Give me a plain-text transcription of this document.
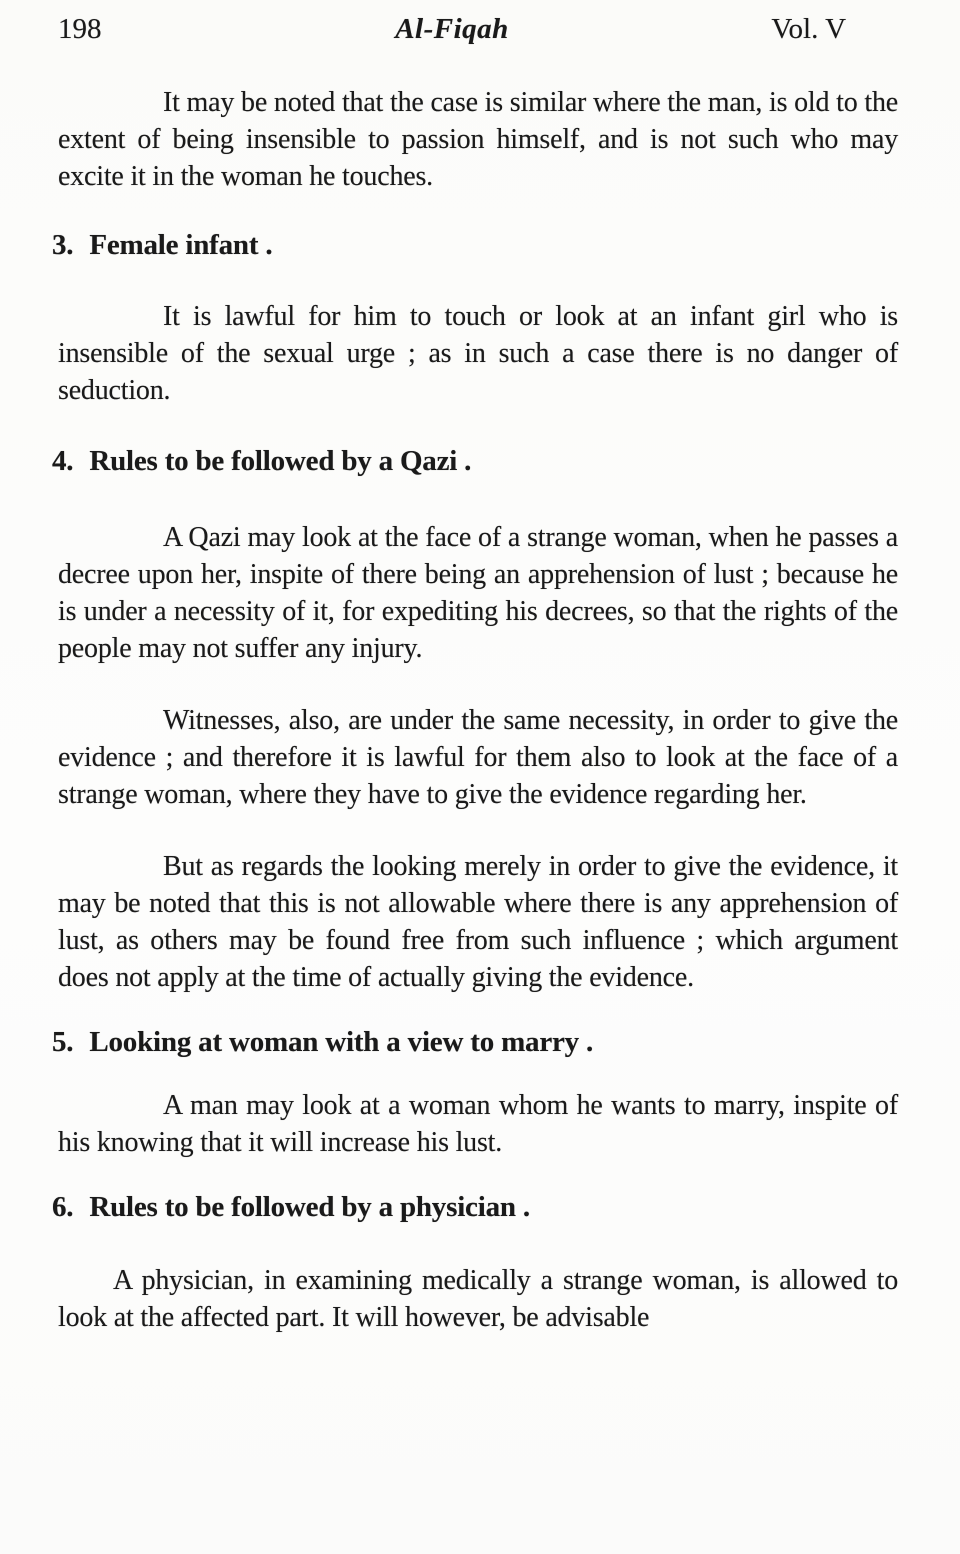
198	Al-Fiqah	Vol. V

It may be noted that the case is similar where the man, is old to the extent of being insensible to passion himself, and is not such who may excite it in the woman he touches.

3. Female infant .

It is lawful for him to touch or look at an infant girl who is insensible of the sexual urge ; as in such a case there is no danger of seduction.

4. Rules to be followed by a Qazi .

A Qazi may look at the face of a strange woman, when he passes a decree upon her, inspite of there being an apprehension of lust ; because he is under a necessity of it, for expediting his decrees, so that the rights of the people may not suffer any injury.

Witnesses, also, are under the same necessity, in order to give the evidence ; and therefore it is lawful for them also to look at the face of a strange woman, where they have to give the evidence regarding her.

But as regards the looking merely in order to give the evidence, it may be noted that this is not allowable where there is any apprehension of lust, as others may be found free from such influence ; which argument does not apply at the time of actually giving the evidence.

5. Looking at woman with a view to marry .

A man may look at a woman whom he wants to marry, inspite of his knowing that it will increase his lust.

6. Rules to be followed by a physician .

A physician, in examining medically a strange woman, is allowed to look at the affected part. It will however, be advisable
